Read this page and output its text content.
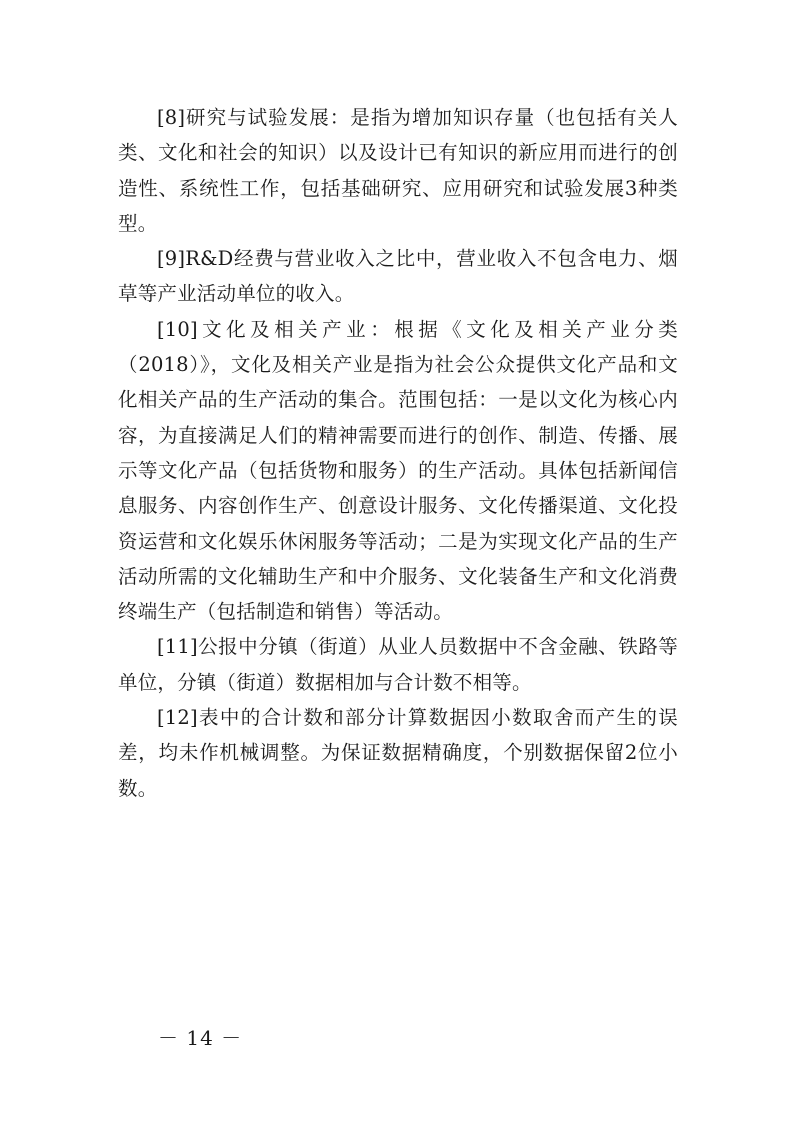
[8]研究与试验发展：是指为增加知识存量（也包括有关人类、文化和社会的知识）以及设计已有知识的新应用而进行的创造性、系统性工作，包括基础研究、应用研究和试验发展3种类型。

[9]R&D经费与营业收入之比中，营业收入不包含电力、烟草等产业活动单位的收入。

[10]文化及相关产业：根据《文化及相关产业分类（2018）》，文化及相关产业是指为社会公众提供文化产品和文化相关产品的生产活动的集合。范围包括：一是以文化为核心内容，为直接满足人们的精神需要而进行的创作、制造、传播、展示等文化产品（包括货物和服务）的生产活动。具体包括新闻信息服务、内容创作生产、创意设计服务、文化传播渠道、文化投资运营和文化娱乐休闲服务等活动；二是为实现文化产品的生产活动所需的文化辅助生产和中介服务、文化装备生产和文化消费终端生产（包括制造和销售）等活动。

[11]公报中分镇（街道）从业人员数据中不含金融、铁路等单位，分镇（街道）数据相加与合计数不相等。

[12]表中的合计数和部分计算数据因小数取舍而产生的误差，均未作机械调整。为保证数据精确度，个别数据保留2位小数。

－ 14 －
